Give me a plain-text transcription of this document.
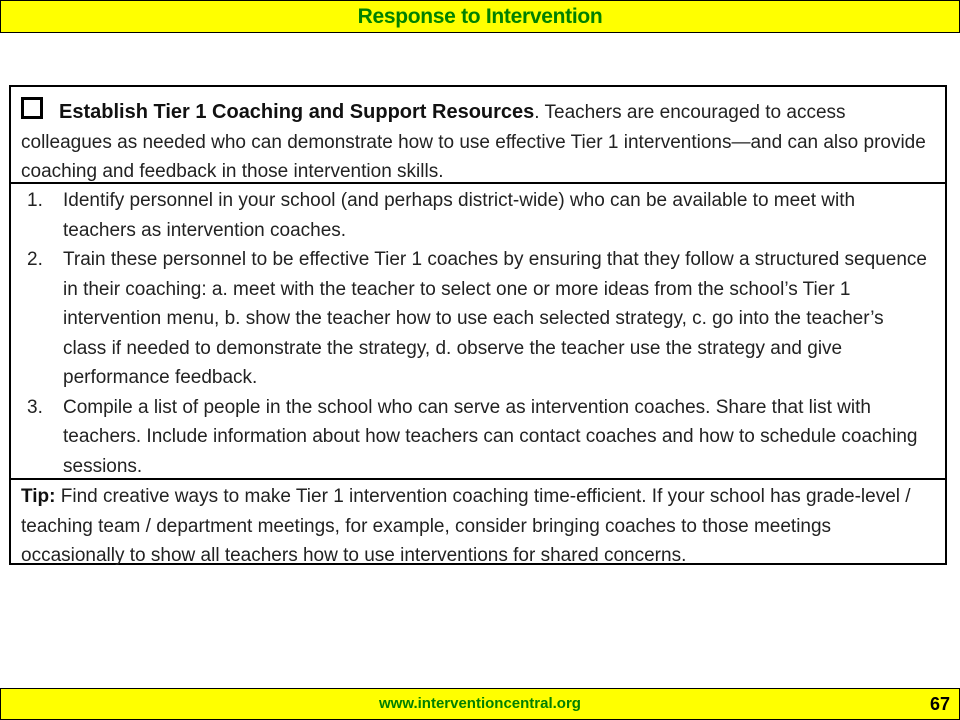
Response to Intervention
Establish Tier 1 Coaching and Support Resources. Teachers are encouraged to access colleagues as needed who can demonstrate how to use effective Tier 1 interventions—and can also provide coaching and feedback in those intervention skills.
1. Identify personnel in your school (and perhaps district-wide) who can be available to meet with teachers as intervention coaches.
2. Train these personnel to be effective Tier 1 coaches by ensuring that they follow a structured sequence in their coaching: a. meet with the teacher to select one or more ideas from the school’s Tier 1 intervention menu, b. show the teacher how to use each selected strategy, c. go into the teacher’s class if needed to demonstrate the strategy, d. observe the teacher use the strategy and give performance feedback.
3. Compile a list of people in the school who can serve as intervention coaches. Share that list with teachers. Include information about how teachers can contact coaches and how to schedule coaching sessions.
Tip: Find creative ways to make Tier 1 intervention coaching time-efficient. If your school has grade-level / teaching team / department meetings, for example, consider bringing coaches to those meetings occasionally to show all teachers how to use interventions for shared concerns.
www.interventioncentral.org	67
